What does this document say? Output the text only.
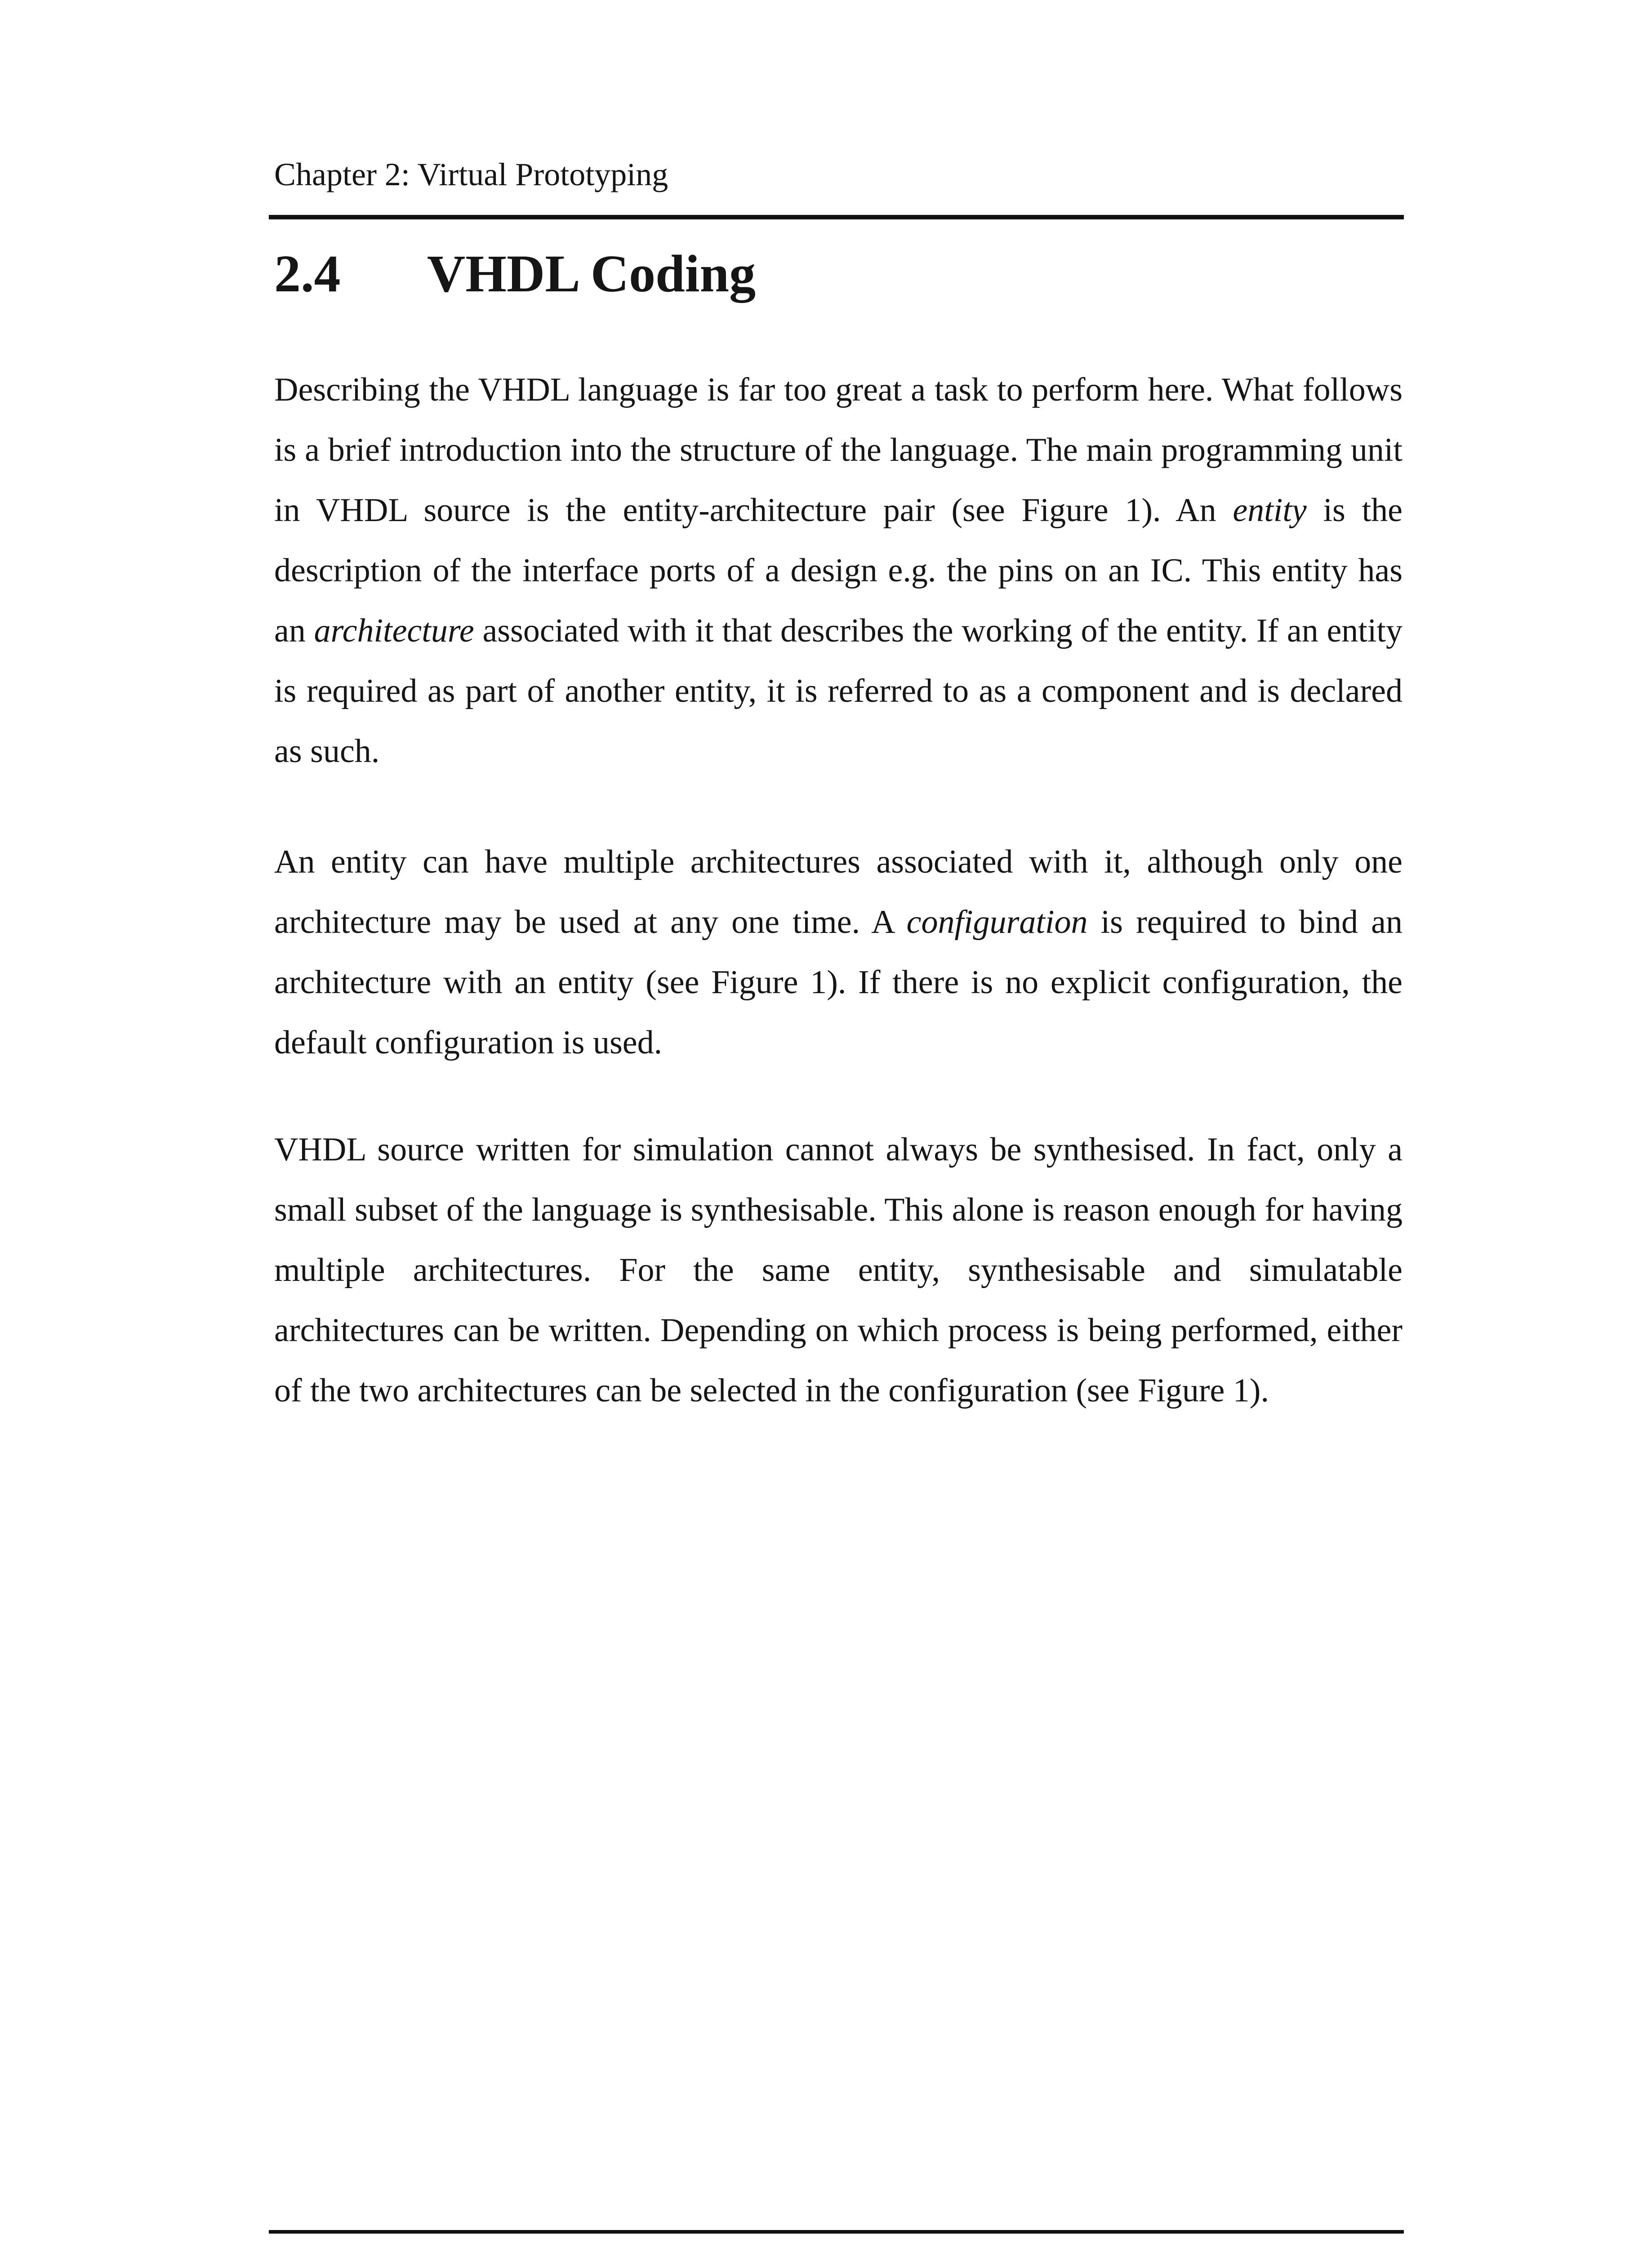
Chapter 2: Virtual Prototyping
2.4 VHDL Coding
Describing the VHDL language is far too great a task to perform here. What follows is a brief introduction into the structure of the language. The main programming unit in VHDL source is the entity-architecture pair (see Figure 1). An entity is the description of the interface ports of a design e.g. the pins on an IC. This entity has an architecture associated with it that describes the working of the entity. If an entity is required as part of another entity, it is referred to as a component and is declared as such.
An entity can have multiple architectures associated with it, although only one architecture may be used at any one time. A configuration is required to bind an architecture with an entity (see Figure 1). If there is no explicit configuration, the default configuration is used.
VHDL source written for simulation cannot always be synthesised. In fact, only a small subset of the language is synthesisable. This alone is reason enough for having multiple architectures. For the same entity, synthesisable and simulatable architectures can be written. Depending on which process is being performed, either of the two architectures can be selected in the configuration (see Figure 1).
